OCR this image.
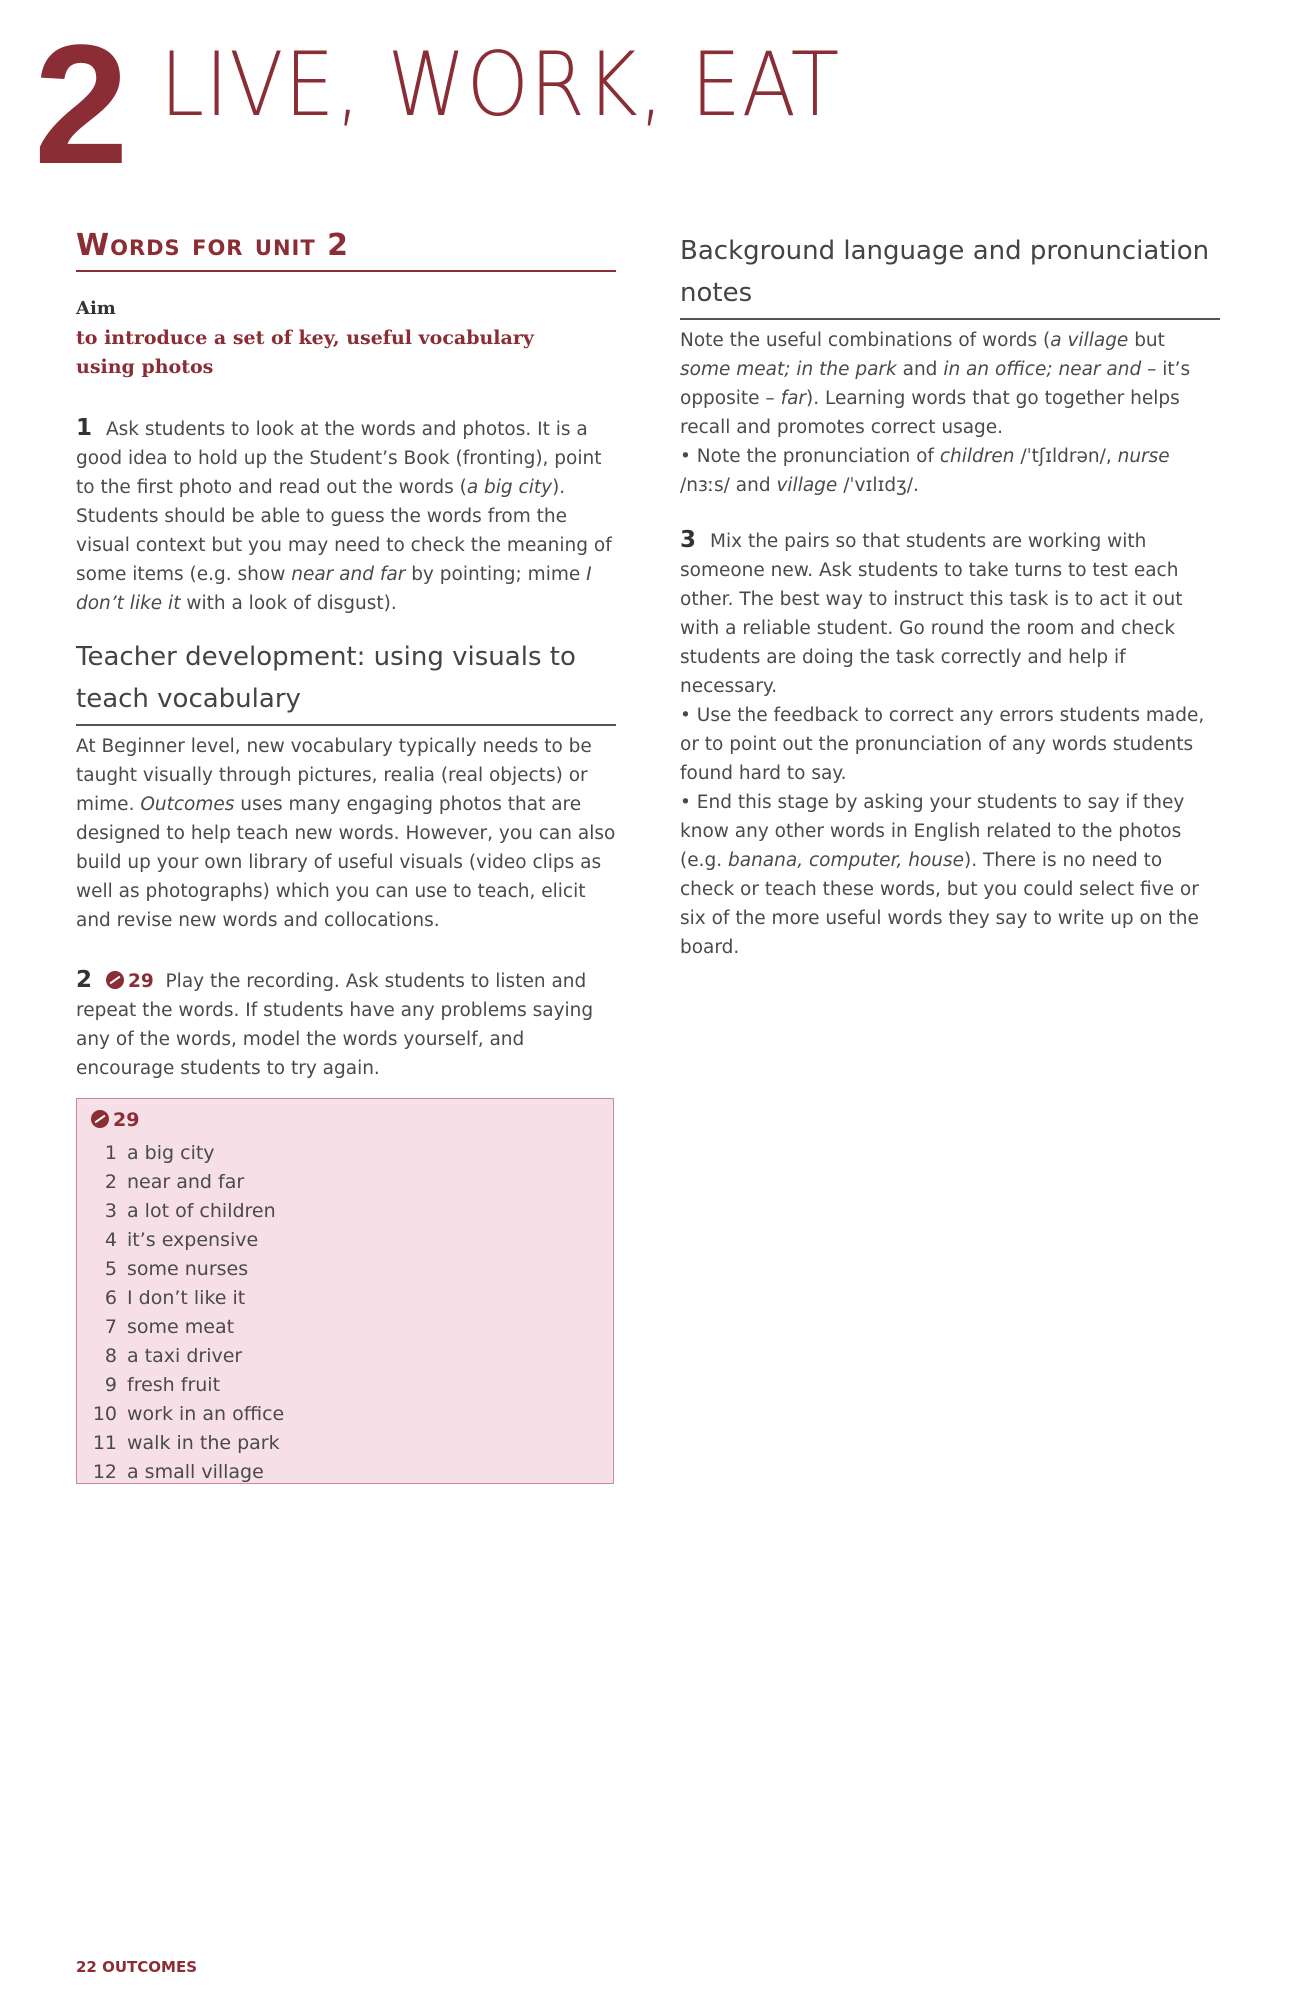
2 LIVE, WORK, EAT
Words for unit 2
Aim
to introduce a set of key, useful vocabulary using photos

1 Ask students to look at the words and photos. It is a good idea to hold up the Student’s Book (fronting), point to the first photo and read out the words (a big city). Students should be able to guess the words from the visual context but you may need to check the meaning of some items (e.g. show near and far by pointing; mime I don’t like it with a look of disgust).

Teacher development: using visuals to teach vocabulary

At Beginner level, new vocabulary typically needs to be taught visually through pictures, realia (real objects) or mime. Outcomes uses many engaging photos that are designed to help teach new words. However, you can also build up your own library of useful visuals (video clips as well as photographs) which you can use to teach, elicit and revise new words and collocations.

2 29 Play the recording. Ask students to listen and repeat the words. If students have any problems saying any of the words, model the words yourself, and encourage students to try again.

29
1 a big city
2 near and far
3 a lot of children
4 it’s expensive
5 some nurses
6 I don’t like it
7 some meat
8 a taxi driver
9 fresh fruit
10 work in an office
11 walk in the park
12 a small village
Background language and pronunciation notes

Note the useful combinations of words (a village but some meat; in the park and in an office; near and – it’s opposite – far). Learning words that go together helps recall and promotes correct usage.

• Note the pronunciation of children /ˈtʃɪldrən/, nurse /nɜːs/ and village /ˈvɪlɪdʒ/.

3 Mix the pairs so that students are working with someone new. Ask students to take turns to test each other. The best way to instruct this task is to act it out with a reliable student. Go round the room and check students are doing the task correctly and help if necessary.

• Use the feedback to correct any errors students made, or to point out the pronunciation of any words students found hard to say.

• End this stage by asking your students to say if they know any other words in English related to the photos (e.g. banana, computer, house). There is no need to check or teach these words, but you could select five or six of the more useful words they say to write up on the board.

22 OUTCOMES
